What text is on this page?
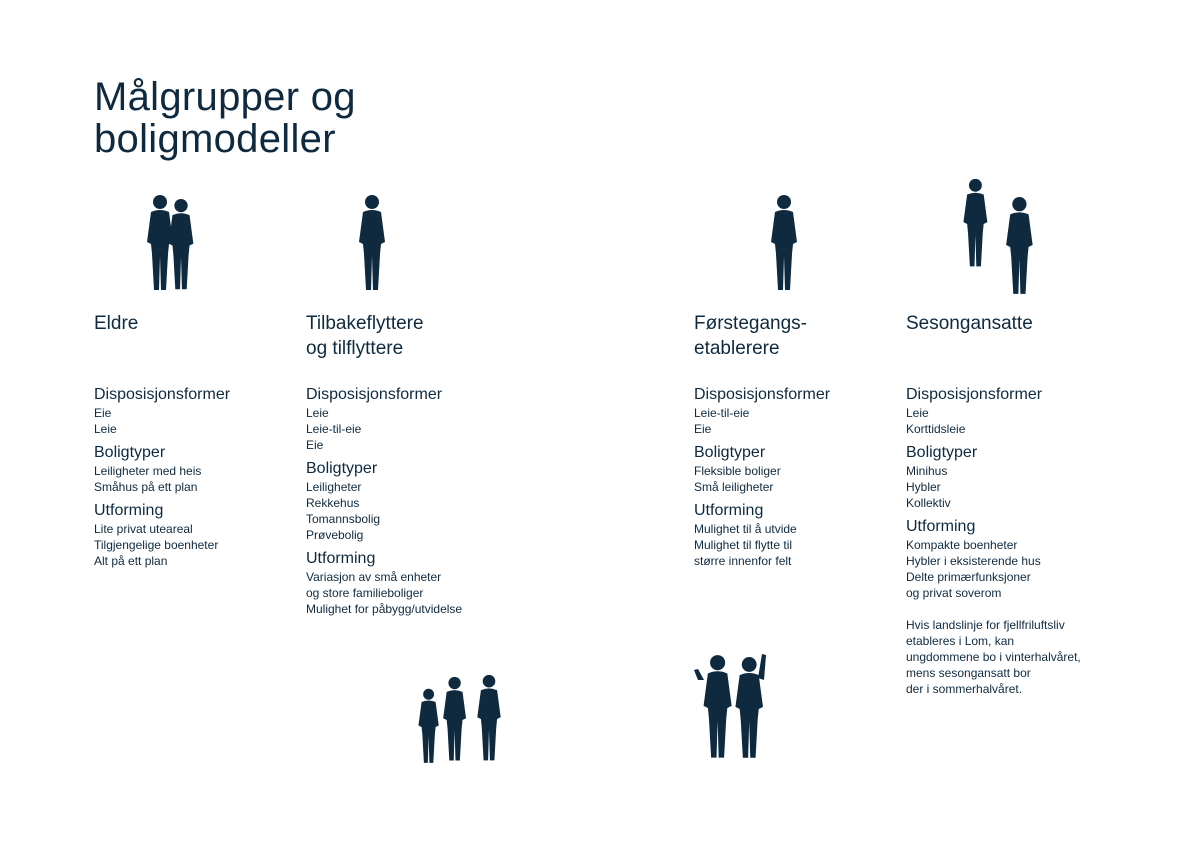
Målgrupper og
boligmodeller
Eldre
Disposisjonsformer
Eie
Leie
Boligtyper
Leiligheter med heis
Småhus på ett plan
Utforming
Lite privat uteareal
Tilgjengelige boenheter
Alt på ett plan
Tilbakeflyttere
og tilflyttere
Disposisjonsformer
Leie
Leie-til-eie
Eie
Boligtyper
Leiligheter
Rekkehus
Tomannsbolig
Prøvebolig
Utforming
Variasjon av små enheter
og store familieboliger
Mulighet for påbygg/utvidelse
Førstegangs-
etablerere
Disposisjonsformer
Leie-til-eie
Eie
Boligtyper
Fleksible boliger
Små leiligheter
Utforming
Mulighet til å utvide
Mulighet til flytte til
større innenfor felt
Sesongansatte
Disposisjonsformer
Leie
Korttidsleie
Boligtyper
Minihus
Hybler
Kollektiv
Utforming
Kompakte boenheter
Hybler i eksisterende hus
Delte primærfunksjoner
og privat soverom
Hvis landslinje for fjellfriluftsliv
etableres i Lom, kan
ungdommene bo i vinterhalvåret,
mens sesongansatt bor
der i sommerhalvåret.
